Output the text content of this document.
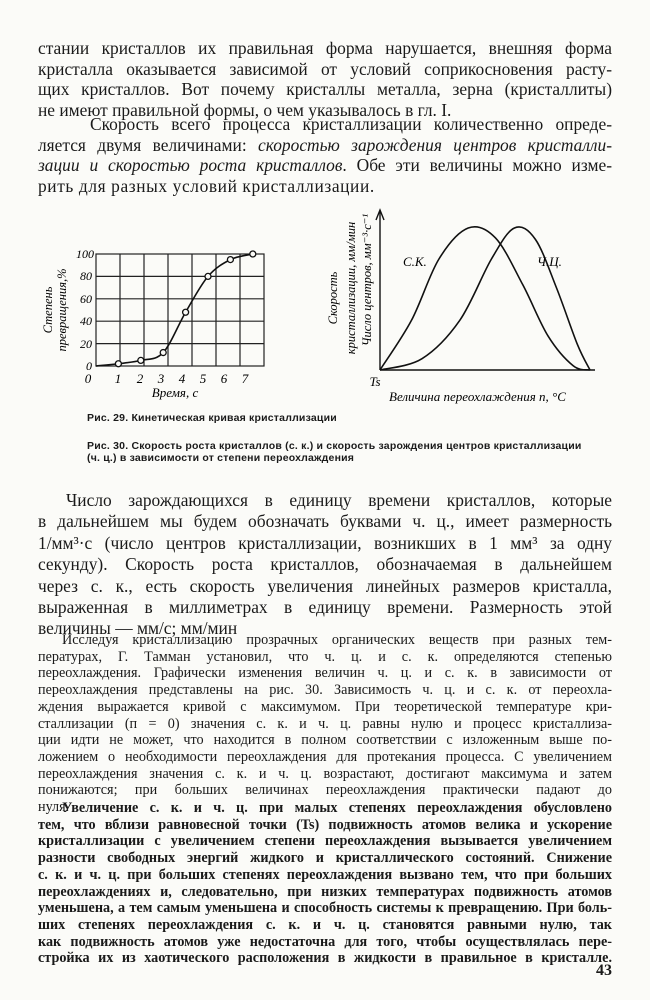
стании кристаллов их правильная форма нарушается, внешняя форма
кристалла оказывается зависимой от условий соприкосновения расту-
щих кристаллов. Вот почему кристаллы металла, зерна (кристаллиты)
не имеют правильной формы, о чем указывалось в гл. I.
Скорость всего процесса кристаллизации количественно опреде-
ляется двумя величинами: скоростью зарождения центров кристалли-
зации и скоростью роста кристаллов. Обе эти величины можно изме-
рить для разных условий кристаллизации.
0
20
40
60
80
100
0 1 2 3 4 5 6 7
Время, с
Степень превращения,%
С.К.	Ч.Ц.
Ts
Величина переохлаждения п, °С
Скорость кристаллизации, мм/мин Число центров, мм⁻³·с⁻¹
Рис. 29. Кинетическая кривая кристаллизации
Рис. 30. Скорость роста кристаллов (с. к.) и скорость зарождения центров кристаллизации
(ч. ц.) в зависимости от степени переохлаждения
Число зарождающихся в единицу времени кристаллов, которые
в дальнейшем мы будем обозначать буквами ч. ц., имеет размерность
1/мм³·с (число центров кристаллизации, возникших в 1 мм³ за одну
секунду). Скорость роста кристаллов, обозначаемая в дальнейшем
через с. к., есть скорость увеличения линейных размеров кристалла,
выраженная в миллиметрах в единицу времени. Размерность этой
величины — мм/с; мм/мин
Исследуя кристаллизацию прозрачных органических веществ при разных тем-
пературах, Г. Тамман установил, что ч. ц. и с. к. определяются степенью
переохлаждения. Графически изменения величин ч. ц. и с. к. в зависимости от
переохлаждения представлены на рис. 30. Зависимость ч. ц. и с. к. от переохла-
ждения выражается кривой с максимумом. При теоретической температуре кри-
сталлизации (п = 0) значения с. к. и ч. ц. равны нулю и процесс кристаллиза-
ции идти не может, что находится в полном соответствии с изложенным выше по-
ложением о необходимости переохлаждения для протекания процесса. С увеличением
переохлаждения значения с. к. и ч. ц. возрастают, достигают максимума и затем
понижаются; при больших величинах переохлаждения практически падают до
нуля.
Увеличение с. к. и ч. ц. при малых степенях переохлаждения обусловлено
тем, что вблизи равновесной точки (Ts) подвижность атомов велика и ускорение
кристаллизации с увеличением степени переохлаждения вызывается увеличением
разности свободных энергий жидкого и кристаллического состояний. Снижение
с. к. и ч. ц. при больших степенях переохлаждения вызвано тем, что при больших
переохлаждениях и, следовательно, при низких температурах подвижность атомов
уменьшена, а тем самым уменьшена и способность системы к превращению. При боль-
ших степенях переохлаждения с. к. и ч. ц. становятся равными нулю, так
как подвижность атомов уже недостаточна для того, чтобы осуществлялась пере-
стройка их из хаотического расположения в жидкости в правильное в кристалле.
43
